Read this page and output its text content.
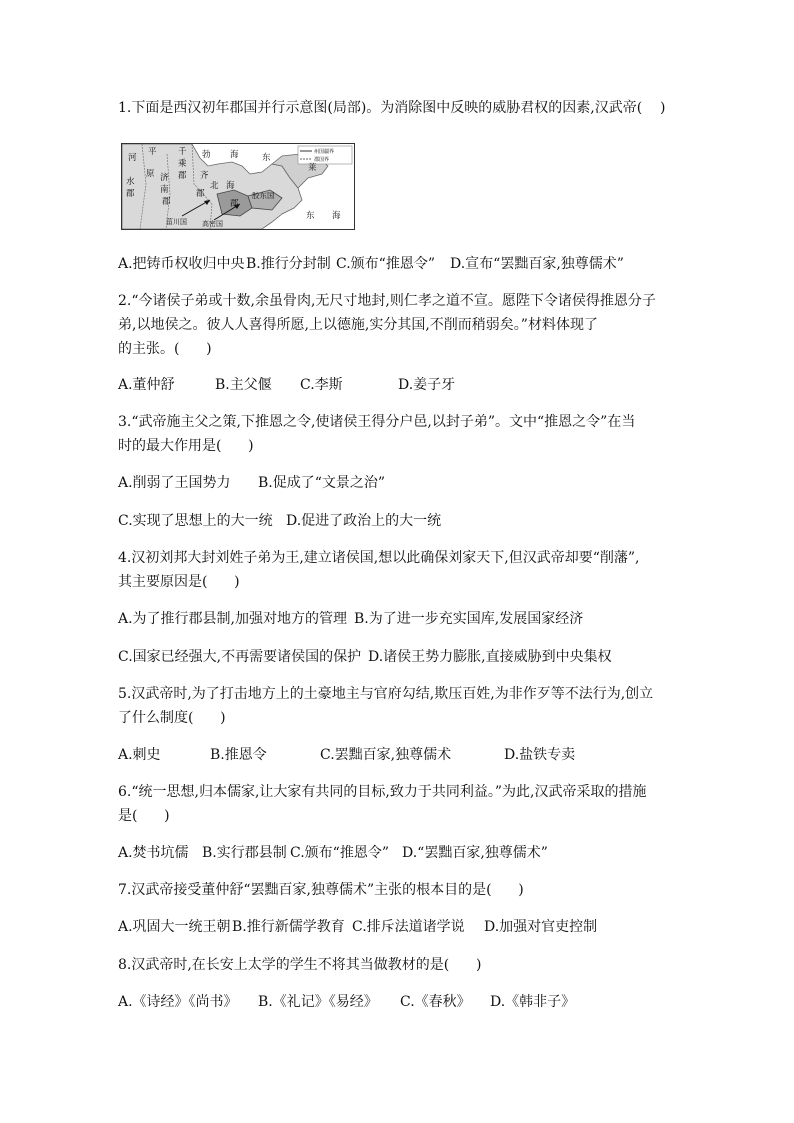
1.下面是西汉初年郡国并行示意图(局部)。为消除图中反映的威胁君权的因素,汉武帝(    )
州国疆界
郡国界
河
平	千 勃 海	东
莱
乘
原
水	济 郡 齐
南	北
郡
郡
郡
海
胶东国
菑川国 高密国
郡
东 海
A.把铸币权收归中央 B.推行分封制 C.颁布“推恩令” D.宣布“罢黜百家,独尊儒术”
2.“今诸侯子弟或十数,余虽骨肉,无尺寸地封,则仁孝之道不宣。愿陛下令诸侯得推恩分子
弟,以地侯之。彼人人喜得所愿,上以德施,实分其国,不削而稍弱矣。”材料体现了
的主张。(      )
A.董仲舒	B.主父偃 C.李斯	D.姜子牙
3.“武帝施主父之策,下推恩之令,使诸侯王得分户邑,以封子弟”。文中“推恩之令”在当
时的最大作用是(      )
A.削弱了王国势力 B.促成了“文景之治”
C.实现了思想上的大一统 D.促进了政治上的大一统
4.汉初刘邦大封刘姓子弟为王,建立诸侯国,想以此确保刘家天下,但汉武帝却要“削藩”,
其主要原因是(      )
A.为了推行郡县制,加强对地方的管理 B.为了进一步充实国库,发展国家经济
C.国家已经强大,不再需要诸侯国的保护 D.诸侯王势力膨胀,直接威胁到中央集权
5.汉武帝时,为了打击地方上的土豪地主与官府勾结,欺压百姓,为非作歹等不法行为,创立
了什么制度(      )
A.刺史	B.推恩令	C.罢黜百家,独尊儒术	D.盐铁专卖
6.“统一思想,归本儒家,让大家有共同的目标,致力于共同利益。”为此,汉武帝采取的措施
是(      )
A.焚书坑儒 B.实行郡县制 C.颁布“推恩令” D.“罢黜百家,独尊儒术”
7.汉武帝接受董仲舒“罢黜百家,独尊儒术”主张的根本目的是(      )
A.巩固大一统王朝 B.推行新儒学教育 C.排斥法道诸学说 D.加强对官吏控制
8.汉武帝时,在长安上太学的学生不将其当做教材的是(      )
A.《诗经》《尚书》 B.《礼记》《易经》 C.《春秋》 D.《韩非子》
